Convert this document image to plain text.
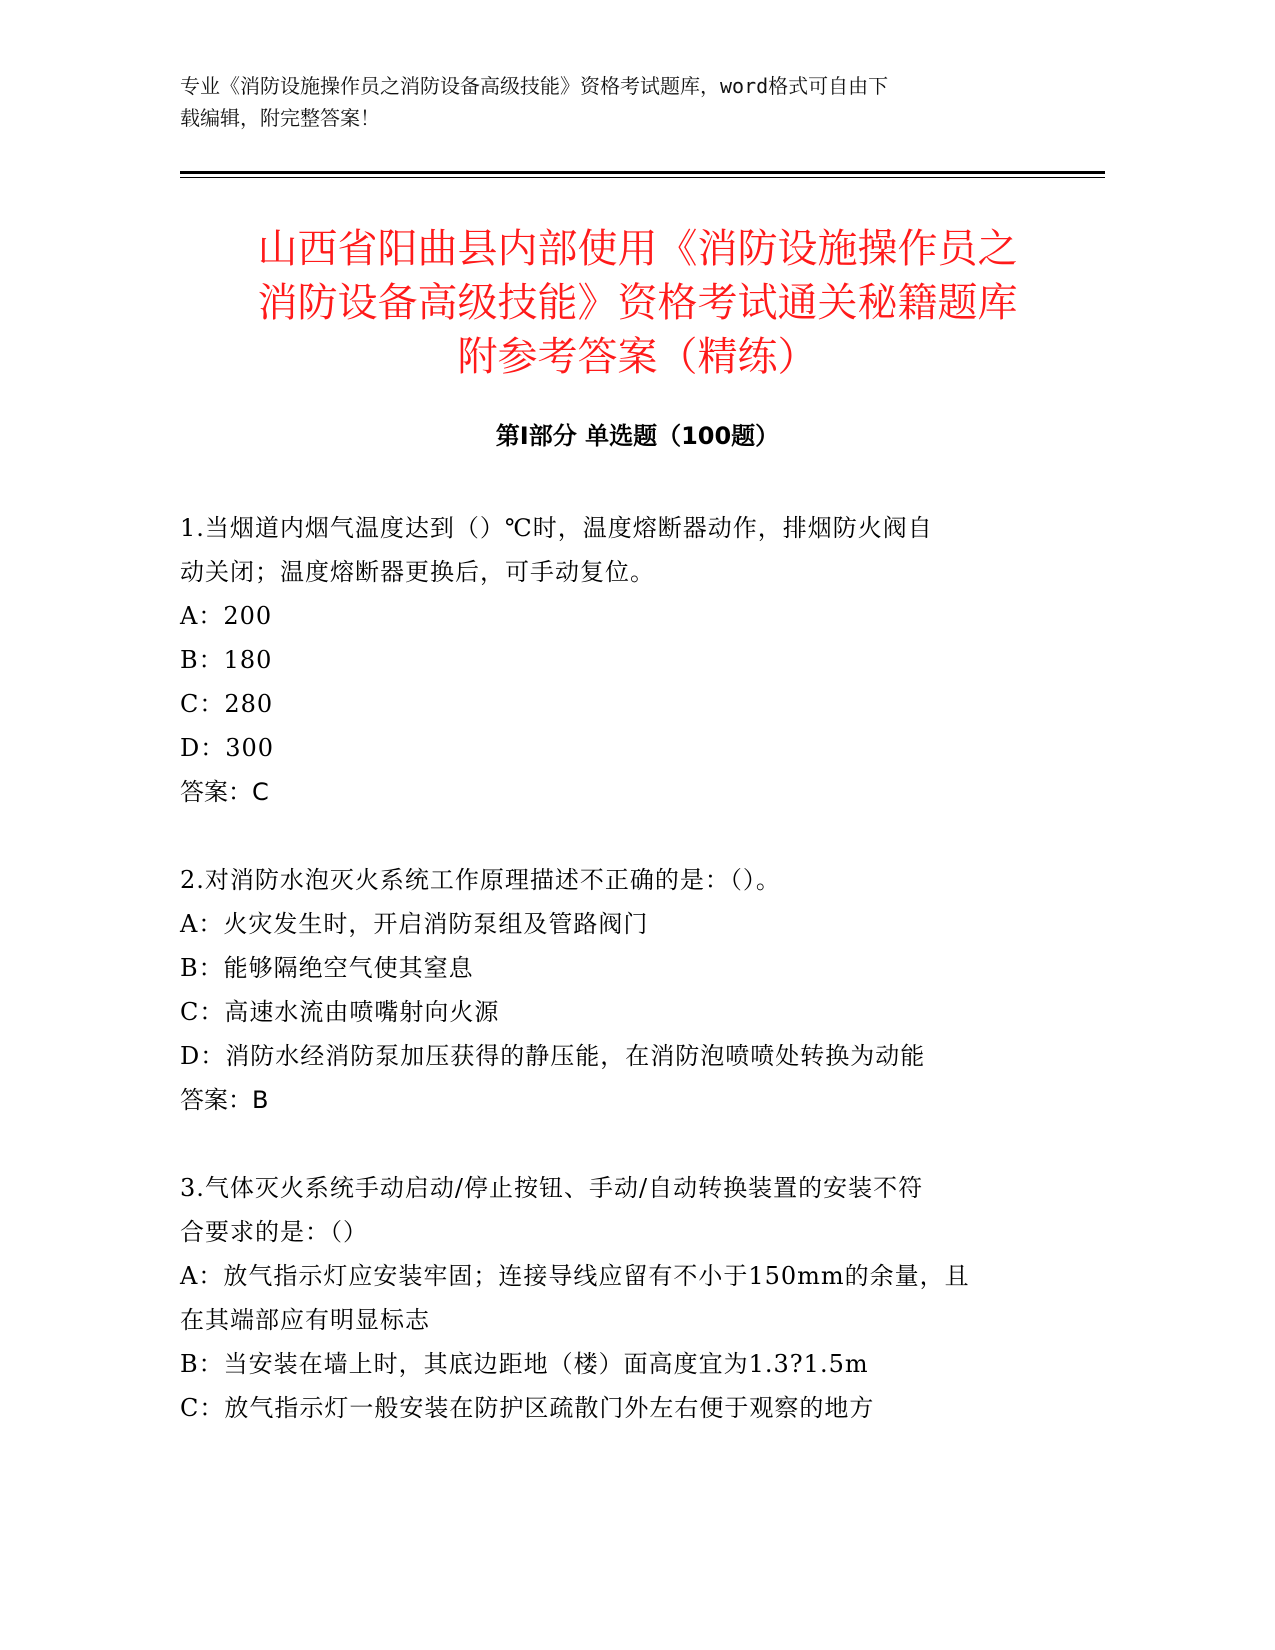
专业《消防设施操作员之消防设备高级技能》资格考试题库，word格式可自由下
载编辑，附完整答案！
山西省阳曲县内部使用《消防设施操作员之
消防设备高级技能》资格考试通关秘籍题库
附参考答案（精练）
第Ⅰ部分 单选题（100题）
1.当烟道内烟气温度达到（）℃时，温度熔断器动作，排烟防火阀自
动关闭；温度熔断器更换后，可手动复位。
A：200
B：180
C：280
D：300
答案：C
2.对消防水泡灭火系统工作原理描述不正确的是：（）。
A：火灾发生时，开启消防泵组及管路阀门
B：能够隔绝空气使其窒息
C：高速水流由喷嘴射向火源
D：消防水经消防泵加压获得的静压能，在消防泡喷喷处转换为动能
答案：B
3.气体灭火系统手动启动/停止按钮、手动/自动转换装置的安装不符
合要求的是：（）
A：放气指示灯应安装牢固；连接导线应留有不小于150mm的余量，且
在其端部应有明显标志
B：当安装在墙上时，其底边距地（楼）面高度宜为1.3?1.5m
C：放气指示灯一般安装在防护区疏散门外左右便于观察的地方
